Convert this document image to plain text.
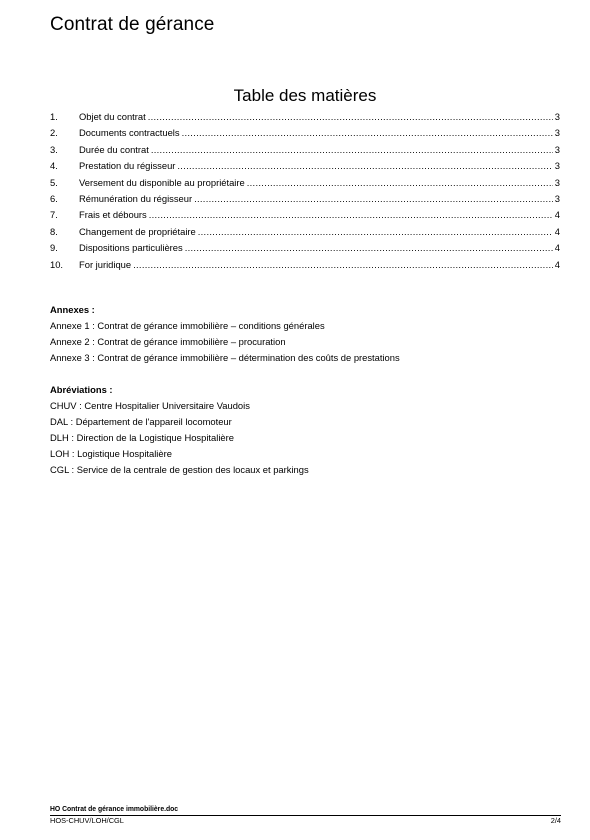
Contrat de gérance
Table des matières
1.	Objet du contrat .....	3
2.	Documents contractuels .....	3
3.	Durée du contrat .....	3
4.	Prestation du régisseur .....	3
5.	Versement du disponible au propriétaire .....	3
6.	Rémunération du régisseur .....	3
7.	Frais et débours .....	4
8.	Changement de propriétaire .....	4
9.	Dispositions particulières .....	4
10.	For juridique .....	4
Annexes :
Annexe 1 : Contrat de gérance immobilière – conditions générales
Annexe 2 : Contrat de gérance immobilière – procuration
Annexe 3 : Contrat de gérance immobilière – détermination des coûts de prestations
Abréviations :
CHUV : Centre Hospitalier Universitaire Vaudois
DAL : Département de l'appareil locomoteur
DLH : Direction de la Logistique Hospitalière
LOH : Logistique Hospitalière
CGL : Service de la centrale de gestion des locaux et parkings
HO Contrat de gérance immobilière.doc
HOS-CHUV/LOH/CGL	2/4
